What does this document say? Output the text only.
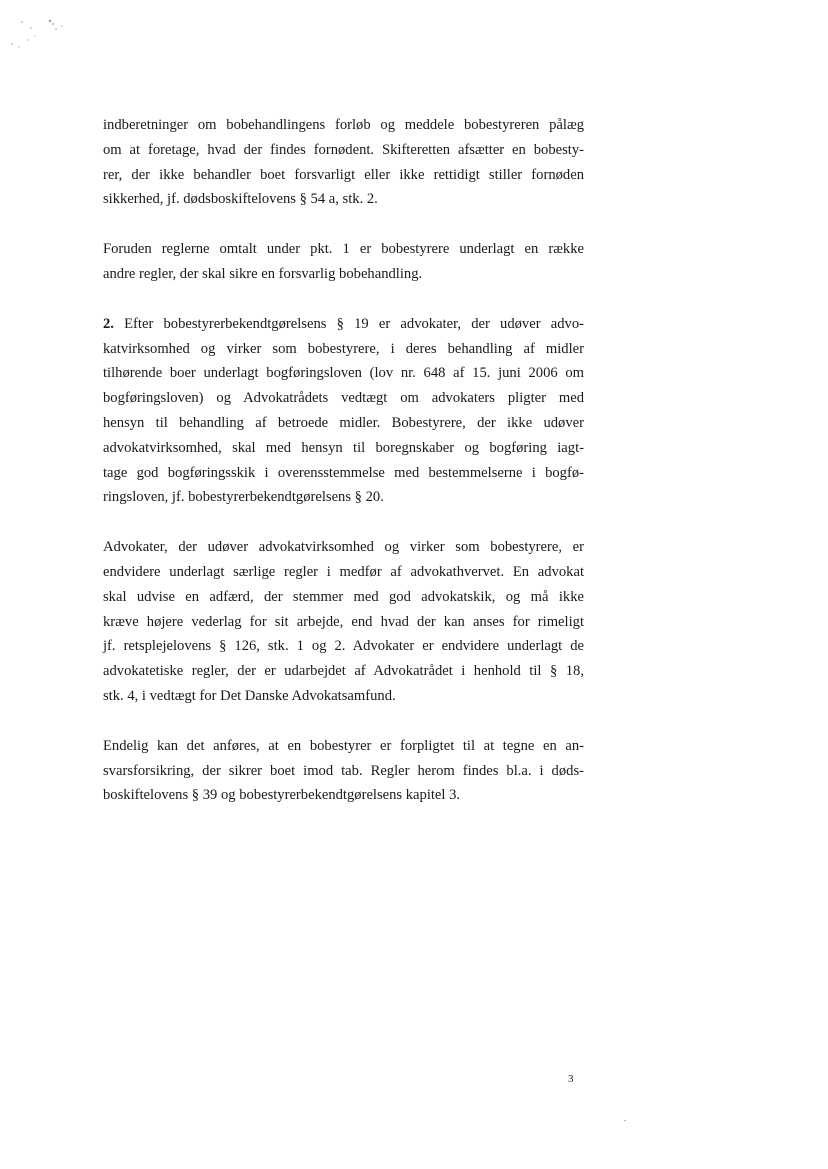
indberetninger om bobehandlingens forløb og meddele bobestyreren pålæg
om at foretage, hvad der findes fornødent. Skifteretten afsætter en bobesty-
rer, der ikke behandler boet forsvarligt eller ikke rettidigt stiller fornøden
sikkerhed, jf. dødsboskiftelovens § 54 a, stk. 2.

Foruden reglerne omtalt under pkt. 1 er bobestyrere underlagt en række
andre regler, der skal sikre en forsvarlig bobehandling.

2. Efter bobestyrerbekendtgørelsens § 19 er advokater, der udøver advo-
katvirksomhed og virker som bobestyrere, i deres behandling af midler
tilhørende boer underlagt bogføringsloven (lov nr. 648 af 15. juni 2006 om
bogføringsloven) og Advokatrådets vedtægt om advokaters pligter med
hensyn til behandling af betroede midler. Bobestyrere, der ikke udøver
advokatvirksomhed, skal med hensyn til boregnskaber og bogføring iagt-
tage god bogføringsskik i overensstemmelse med bestemmelserne i bogfø-
ringsloven, jf. bobestyrerbekendtgørelsens § 20.

Advokater, der udøver advokatvirksomhed og virker som bobestyrere, er
endvidere underlagt særlige regler i medfør af advokathvervet. En advokat
skal udvise en adfærd, der stemmer med god advokatskik, og må ikke
kræve højere vederlag for sit arbejde, end hvad der kan anses for rimeligt
jf. retsplejelovens § 126, stk. 1 og 2. Advokater er endvidere underlagt de
advokatetiske regler, der er udarbejdet af Advokatrådet i henhold til § 18,
stk. 4, i vedtægt for Det Danske Advokatsamfund.

Endelig kan det anføres, at en bobestyrer er forpligtet til at tegne en an-
svarsforsikring, der sikrer boet imod tab. Regler herom findes bl.a. i døds-
boskiftelovens § 39 og bobestyrerbekendtgørelsens kapitel 3.

3
